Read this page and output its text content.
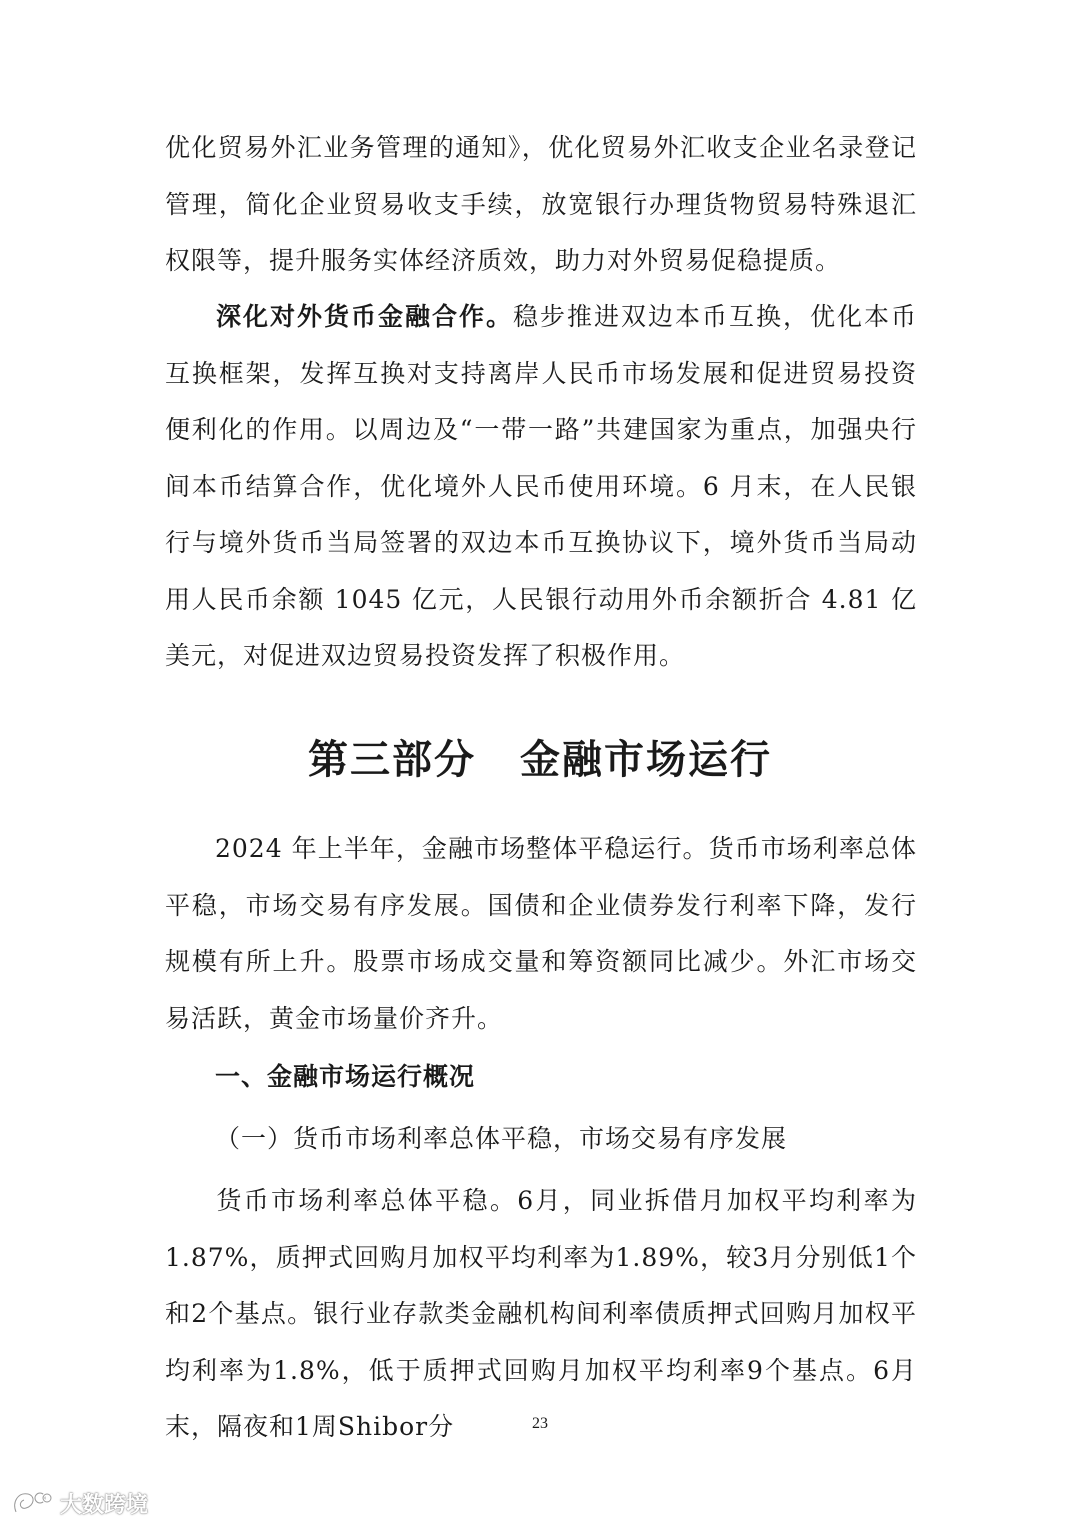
优化贸易外汇业务管理的通知》，优化贸易外汇收支企业名录登记管理，简化企业贸易收支手续，放宽银行办理货物贸易特殊退汇权限等，提升服务实体经济质效，助力对外贸易促稳提质。

深化对外货币金融合作。稳步推进双边本币互换，优化本币互换框架，发挥互换对支持离岸人民币市场发展和促进贸易投资便利化的作用。以周边及“一带一路”共建国家为重点，加强央行间本币结算合作，优化境外人民币使用环境。6 月末，在人民银行与境外货币当局签署的双边本币互换协议下，境外货币当局动用人民币余额 1045 亿元，人民银行动用外币余额折合 4.81 亿美元，对促进双边贸易投资发挥了积极作用。

第三部分 金融市场运行

2024 年上半年，金融市场整体平稳运行。货币市场利率总体平稳，市场交易有序发展。国债和企业债券发行利率下降，发行规模有所上升。股票市场成交量和筹资额同比减少。外汇市场交易活跃，黄金市场量价齐升。

一、金融市场运行概况
（一）货币市场利率总体平稳，市场交易有序发展

货币市场利率总体平稳。6月，同业拆借月加权平均利率为1.87%，质押式回购月加权平均利率为1.89%，较3月分别低1个和2个基点。银行业存款类金融机构间利率债质押式回购月加权平均利率为1.8%，低于质押式回购月加权平均利率9个基点。6月末，隔夜和1周Shibor分	23
大数跨境
